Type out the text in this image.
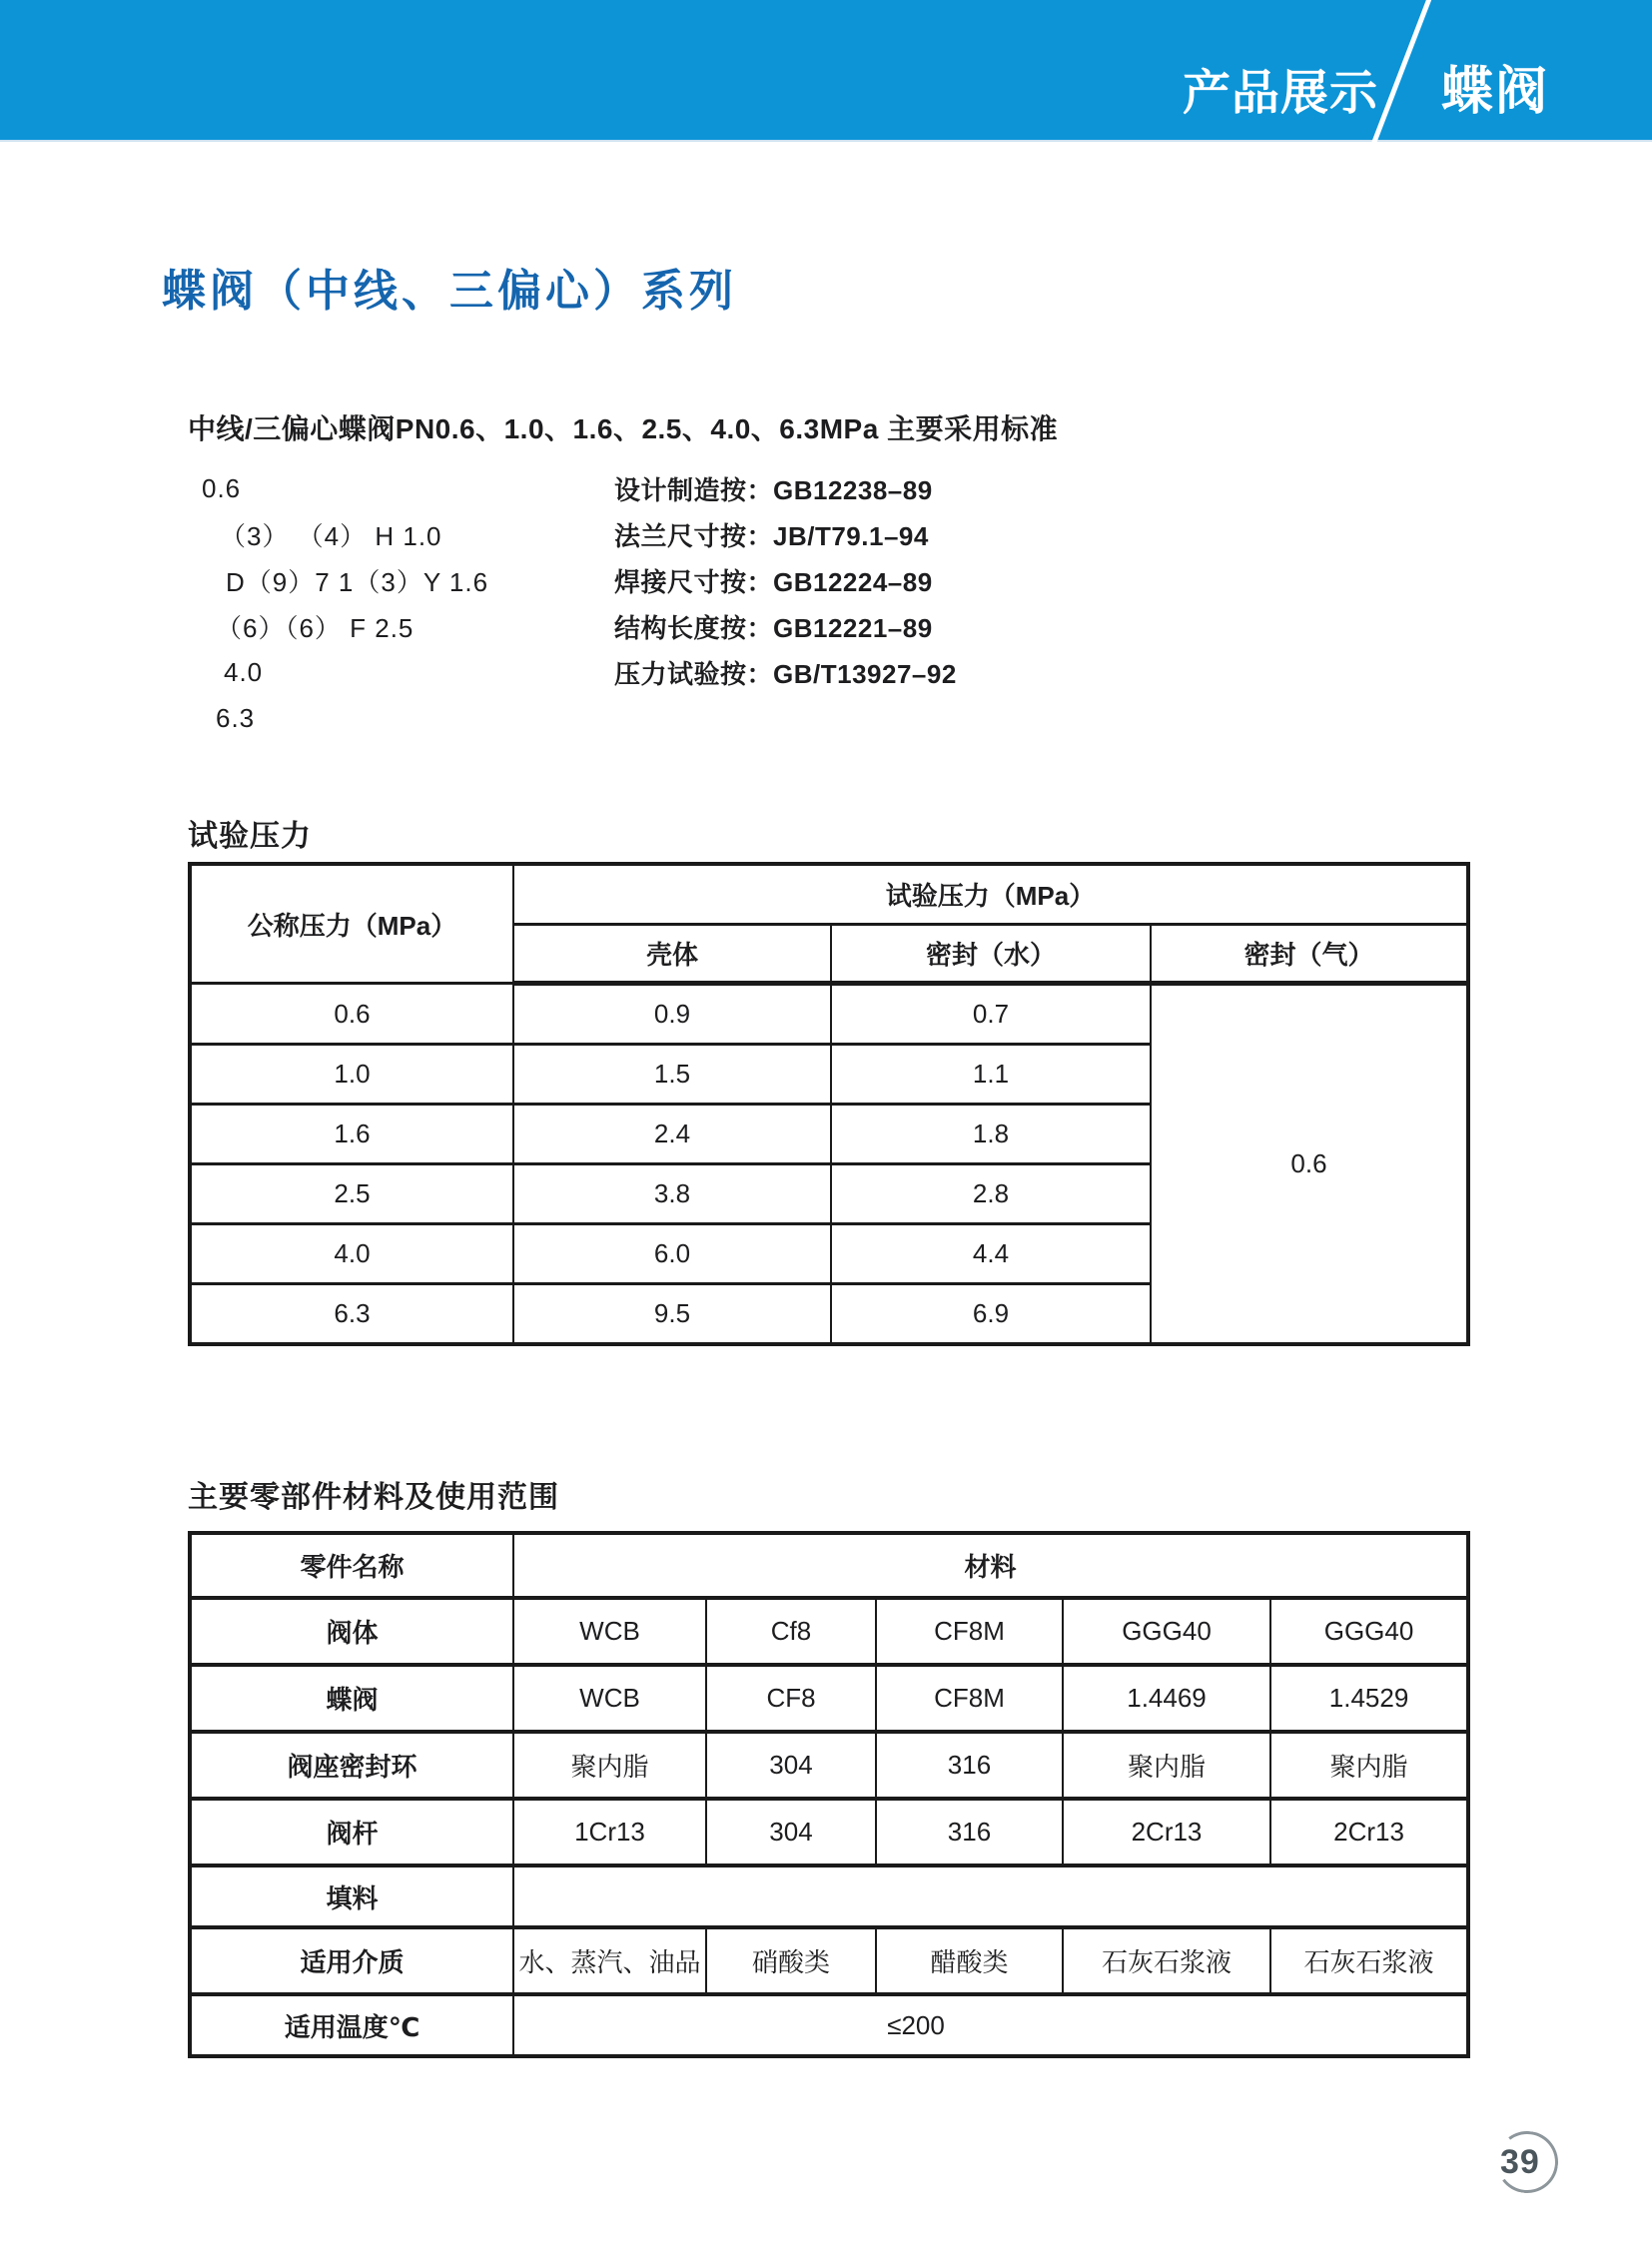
产品展示 蝶阀
蝶阀（中线、三偏心）系列
中线/三偏心蝶阀PN0.6、1.0、1.6、2.5、4.0、6.3MPa 主要采用标准
0.6	设计制造按：GB12238–89
（3） （4） H 1.0	法兰尺寸按：JB/T79.1–94
D（9）7 1（3）Y 1.6	焊接尺寸按：GB12224–89
（6）（6） F 2.5	结构长度按：GB12221–89
4.0	压力试验按：GB/T13927–92
6.3
试验压力
公称压力（MPa）	试验压力（MPa）		
	壳体	密封（水）	密封（气）
0.6	0.9	0.7	0.6
1.0	1.5	1.1	
1.6	2.4	1.8	
2.5	3.8	2.8	
4.0	6.0	4.4	
6.3	9.5	6.9	
主要零部件材料及使用范围
零件名称	材料				
阀体	WCB	Cf8	CF8M	GGG40	GGG40
蝶阀	WCB	CF8	CF8M	1.4469	1.4529
阀座密封环	聚内脂	304	316	聚内脂	聚内脂
阀杆	1Cr13	304	316	2Cr13	2Cr13
填料					
适用介质	水、蒸汽、油品	硝酸类	醋酸类	石灰石浆液	石灰石浆液
适用温度℃	≤200				
39
